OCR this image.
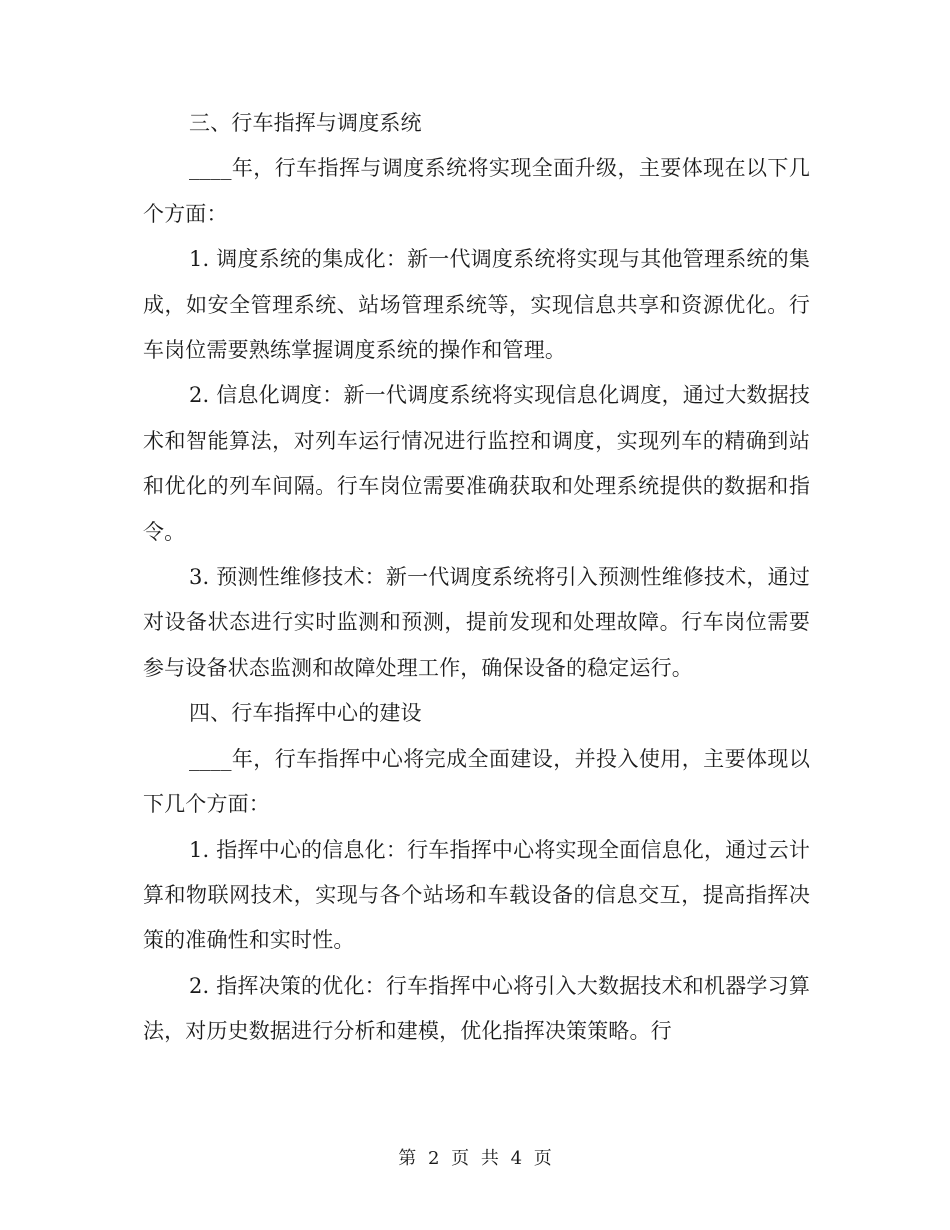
三、行车指挥与调度系统

____年，行车指挥与调度系统将实现全面升级，主要体现在以下几个方面：

1. 调度系统的集成化：新一代调度系统将实现与其他管理系统的集成，如安全管理系统、站场管理系统等，实现信息共享和资源优化。行车岗位需要熟练掌握调度系统的操作和管理。

2. 信息化调度：新一代调度系统将实现信息化调度，通过大数据技术和智能算法，对列车运行情况进行监控和调度，实现列车的精确到站和优化的列车间隔。行车岗位需要准确获取和处理系统提供的数据和指令。

3. 预测性维修技术：新一代调度系统将引入预测性维修技术，通过对设备状态进行实时监测和预测，提前发现和处理故障。行车岗位需要参与设备状态监测和故障处理工作，确保设备的稳定运行。

四、行车指挥中心的建设

____年，行车指挥中心将完成全面建设，并投入使用，主要体现以下几个方面：

1. 指挥中心的信息化：行车指挥中心将实现全面信息化，通过云计算和物联网技术，实现与各个站场和车载设备的信息交互，提高指挥决策的准确性和实时性。

2. 指挥决策的优化：行车指挥中心将引入大数据技术和机器学习算法，对历史数据进行分析和建模，优化指挥决策策略。行

第 2 页 共 4 页
